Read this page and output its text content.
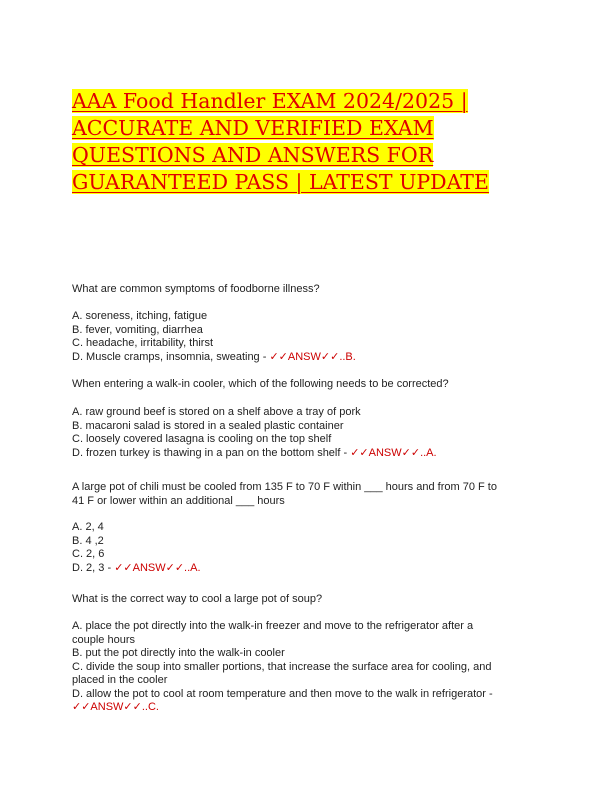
AAA Food Handler EXAM 2024/2025 |
ACCURATE AND VERIFIED EXAM
QUESTIONS AND ANSWERS FOR
GUARANTEED PASS | LATEST UPDATE

What are common symptoms of foodborne illness?

A. soreness, itching, fatigue

B. fever, vomiting, diarrhea

C. headache, irritability, thirst

D. Muscle cramps, insomnia, sweating - ✓✓ANSW✓✓..B.

When entering a walk-in cooler, which of the following needs to be corrected?

A. raw ground beef is stored on a shelf above a tray of pork

B. macaroni salad is stored in a sealed plastic container

C. loosely covered lasagna is cooling on the top shelf

D. frozen turkey is thawing in a pan on the bottom shelf - ✓✓ANSW✓✓..A.

A large pot of chili must be cooled from 135 F to 70 F within ___ hours and from 70 F to

41 F or lower within an additional ___ hours

A. 2, 4

B. 4 ,2

C. 2, 6

D. 2, 3 - ✓✓ANSW✓✓..A.

What is the correct way to cool a large pot of soup?

A. place the pot directly into the walk-in freezer and move to the refrigerator after a

couple hours

B. put the pot directly into the walk-in cooler

C. divide the soup into smaller portions, that increase the surface area for cooling, and

placed in the cooler

D. allow the pot to cool at room temperature and then move to the walk in refrigerator -

✓✓ANSW✓✓..C.
